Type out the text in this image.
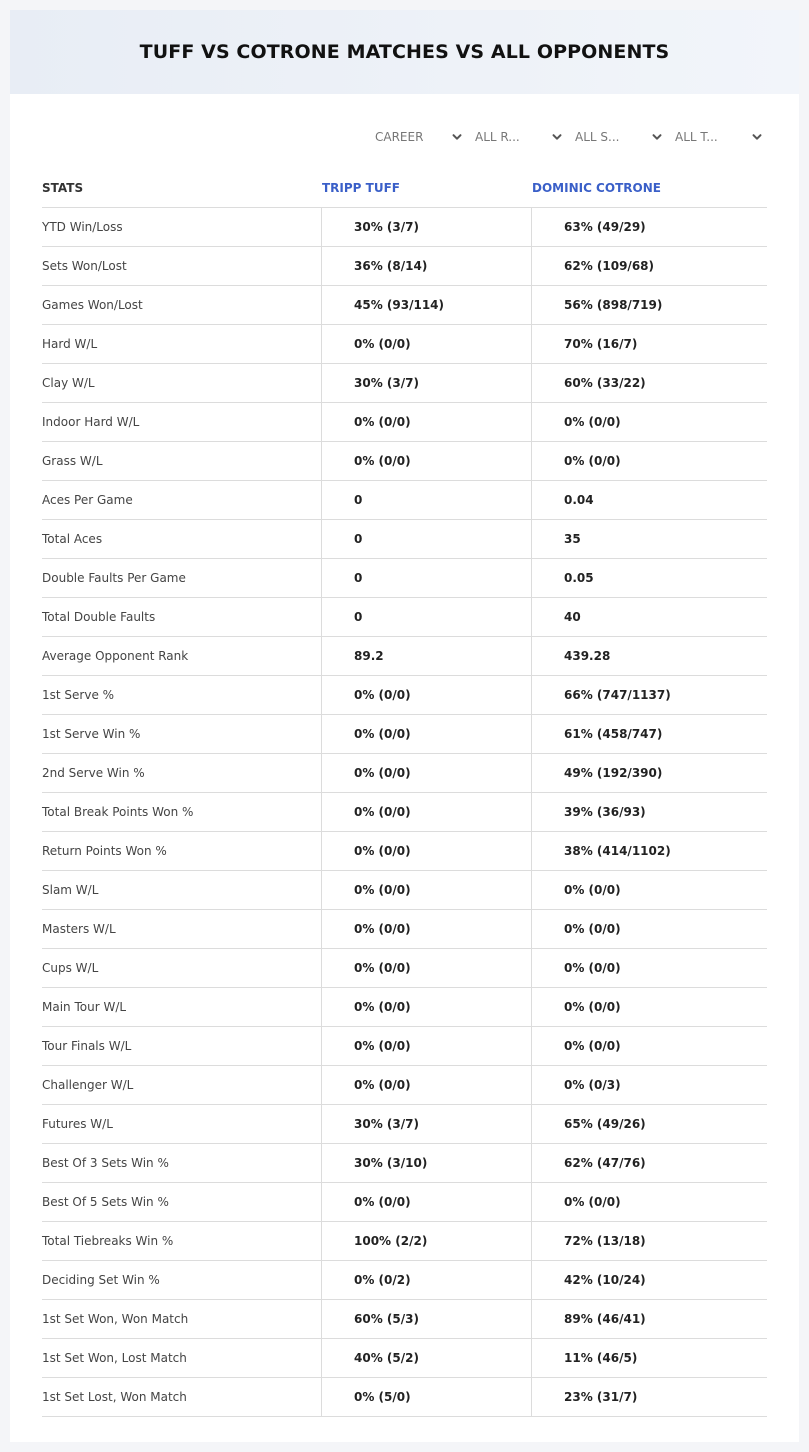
TUFF VS COTRONE MATCHES VS ALL OPPONENTS
CAREER	ALL R...	ALL S...	ALL T...
STATS	TRIPP TUFF	DOMINIC COTRONE
YTD Win/Loss	30% (3/7)	63% (49/29)
Sets Won/Lost	36% (8/14)	62% (109/68)
Games Won/Lost	45% (93/114)	56% (898/719)
Hard W/L	0% (0/0)	70% (16/7)
Clay W/L	30% (3/7)	60% (33/22)
Indoor Hard W/L	0% (0/0)	0% (0/0)
Grass W/L	0% (0/0)	0% (0/0)
Aces Per Game	0	0.04
Total Aces	0	35
Double Faults Per Game	0	0.05
Total Double Faults	0	40
Average Opponent Rank	89.2	439.28
1st Serve %	0% (0/0)	66% (747/1137)
1st Serve Win %	0% (0/0)	61% (458/747)
2nd Serve Win %	0% (0/0)	49% (192/390)
Total Break Points Won %	0% (0/0)	39% (36/93)
Return Points Won %	0% (0/0)	38% (414/1102)
Slam W/L	0% (0/0)	0% (0/0)
Masters W/L	0% (0/0)	0% (0/0)
Cups W/L	0% (0/0)	0% (0/0)
Main Tour W/L	0% (0/0)	0% (0/0)
Tour Finals W/L	0% (0/0)	0% (0/0)
Challenger W/L	0% (0/0)	0% (0/3)
Futures W/L	30% (3/7)	65% (49/26)
Best Of 3 Sets Win %	30% (3/10)	62% (47/76)
Best Of 5 Sets Win %	0% (0/0)	0% (0/0)
Total Tiebreaks Win %	100% (2/2)	72% (13/18)
Deciding Set Win %	0% (0/2)	42% (10/24)
1st Set Won, Won Match	60% (5/3)	89% (46/41)
1st Set Won, Lost Match	40% (5/2)	11% (46/5)
1st Set Lost, Won Match	0% (5/0)	23% (31/7)
